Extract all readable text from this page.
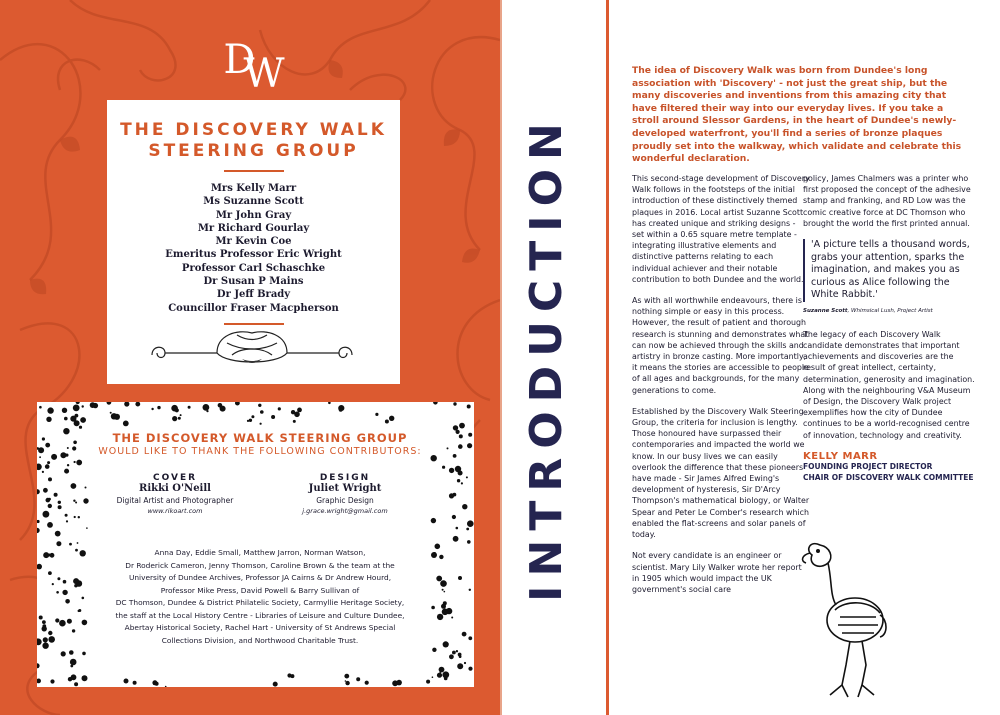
DW
THE DISCOVERY WALK
STEERING GROUP
Mrs Kelly Marr
Ms Suzanne Scott
Mr John Gray
Mr Richard Gourlay
Mr Kevin Coe
Emeritus Professor Eric Wright
Professor Carl Schaschke
Dr Susan P Mains
Dr Jeff Brady
Councillor Fraser Macpherson
THE DISCOVERY WALK STEERING GROUP
WOULD LIKE TO THANK THE FOLLOWING CONTRIBUTORS:
COVER
Rikki O'Neill
Digital Artist and Photographer
www.rikoart.com
DESIGN
Juliet Wright
Graphic Design
j.grace.wright@gmail.com
Anna Day, Eddie Small, Matthew Jarron, Norman Watson,
Dr Roderick Cameron, Jenny Thomson, Caroline Brown & the team at the
University of Dundee Archives, Professor JA Cairns & Dr Andrew Hourd,
Professor Mike Press, David Powell & Barry Sullivan of
DC Thomson, Dundee & District Philatelic Society, Carmyllie Heritage Society,
the staff at the Local History Centre - Libraries of Leisure and Culture Dundee,
Abertay Historical Society, Rachel Hart - University of St Andrews Special
Collections Division, and Northwood Charitable Trust.
INTRODUCTION
The idea of Discovery Walk was born from Dundee's long association with 'Discovery' - not just the great ship, but the many discoveries and inventions from this amazing city that have filtered their way into our everyday lives. If you take a stroll around Slessor Gardens, in the heart of Dundee's newly-developed waterfront, you'll find a series of bronze plaques proudly set into the walkway, which validate and celebrate this wonderful declaration.

This second-stage development of Discovery Walk follows in the footsteps of the initial introduction of these distinctively themed plaques in 2016. Local artist Suzanne Scott has created unique and striking designs - set within a 0.65 square metre template - integrating illustrative elements and distinctive patterns relating to each individual achiever and their notable contribution to both Dundee and the world.

As with all worthwhile endeavours, there is nothing simple or easy in this process. However, the result of patient and thorough research is stunning and demonstrates what can now be achieved through the skills and artistry in bronze casting. More importantly, it means the stories are accessible to people of all ages and backgrounds, for the many generations to come.

Established by the Discovery Walk Steering Group, the criteria for inclusion is lengthy. Those honoured have surpassed their contemporaries and impacted the world we know. In our busy lives we can easily overlook the difference that these pioneers have made - Sir James Alfred Ewing's development of hysteresis, Sir D'Arcy Thompson's mathematical biology, or Walter Spear and Peter Le Comber's research which enabled the flat-screens and solar panels of today.

Not every candidate is an engineer or scientist. Mary Lily Walker wrote her report in 1905 which would impact the UK government's social care

policy, James Chalmers was a printer who first proposed the concept of the adhesive stamp and franking, and RD Low was the comic creative force at DC Thomson who brought the world the first printed annual.

'A picture tells a thousand words, grabs your attention, sparks the imagination, and makes you as curious as Alice following the White Rabbit.'
Suzanne Scott, Whimsical Lush, Project Artist

The legacy of each Discovery Walk candidate demonstrates that important achievements and discoveries are the result of great intellect, certainty, determination, generosity and imagination. Along with the neighbouring V&A Museum of Design, the Discovery Walk project exemplifies how the city of Dundee continues to be a world-recognised centre of innovation, technology and creativity.

KELLY MARR
FOUNDING PROJECT DIRECTOR
CHAIR OF DISCOVERY WALK COMMITTEE
